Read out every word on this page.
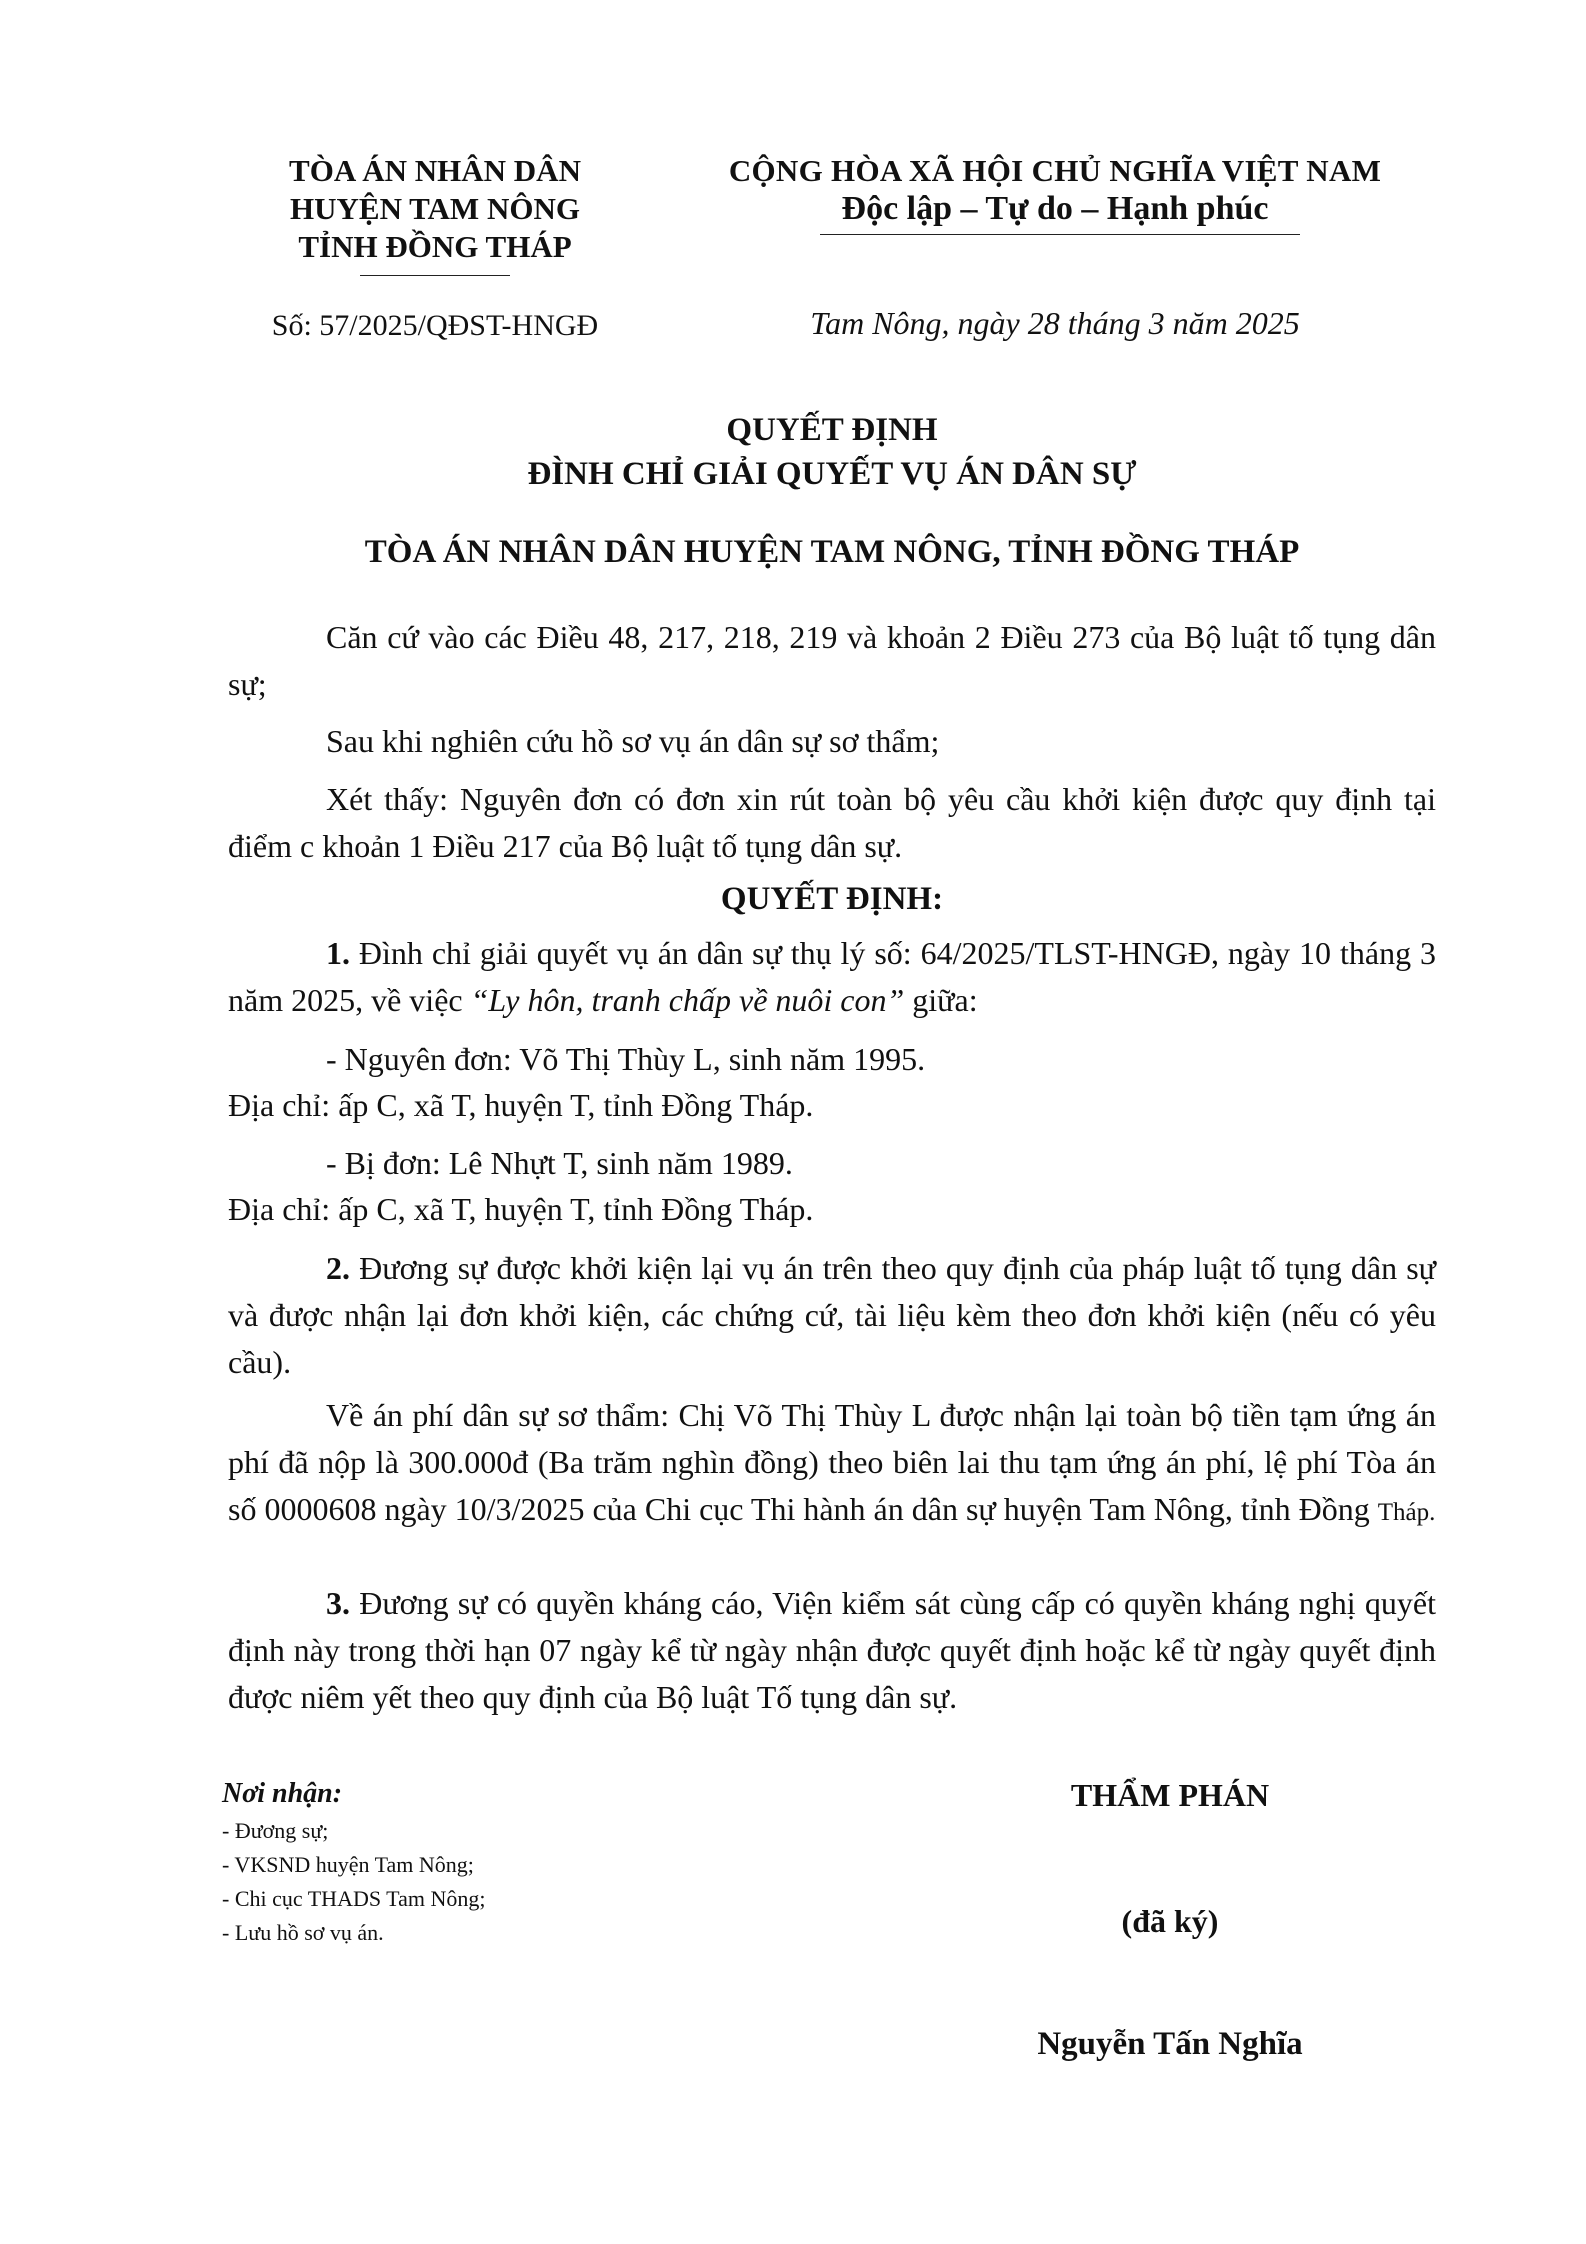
TÒA ÁN NHÂN DÂN
HUYỆN TAM NÔNG
TỈNH ĐỒNG THÁP
CỘNG HÒA XÃ HỘI CHỦ NGHĨA VIỆT NAM
Độc lập – Tự do – Hạnh phúc
Số: 57/2025/QĐST-HNGĐ	Tam Nông, ngày 28 tháng 3 năm 2025
QUYẾT ĐỊNH
ĐÌNH CHỈ GIẢI QUYẾT VỤ ÁN DÂN SỰ
TÒA ÁN NHÂN DÂN HUYỆN TAM NÔNG, TỈNH ĐỒNG THÁP

Căn cứ vào các Điều 48, 217, 218, 219 và khoản 2 Điều 273 của Bộ luật tố tụng dân sự;

Sau khi nghiên cứu hồ sơ vụ án dân sự sơ thẩm;

Xét thấy: Nguyên đơn có đơn xin rút toàn bộ yêu cầu khởi kiện được quy định tại điểm c khoản 1 Điều 217 của Bộ luật tố tụng dân sự.

QUYẾT ĐỊNH:

1. Đình chỉ giải quyết vụ án dân sự thụ lý số: 64/2025/TLST-HNGĐ, ngày 10 tháng 3 năm 2025, về việc “Ly hôn, tranh chấp về nuôi con” giữa:

- Nguyên đơn: Võ Thị Thùy L, sinh năm 1995.

Địa chỉ: ấp C, xã T, huyện T, tỉnh Đồng Tháp.

- Bị đơn: Lê Nhựt T, sinh năm 1989.

Địa chỉ: ấp C, xã T, huyện T, tỉnh Đồng Tháp.

2. Đương sự được khởi kiện lại vụ án trên theo quy định của pháp luật tố tụng dân sự và được nhận lại đơn khởi kiện, các chứng cứ, tài liệu kèm theo đơn khởi kiện (nếu có yêu cầu).

Về án phí dân sự sơ thẩm: Chị Võ Thị Thùy L được nhận lại toàn bộ tiền tạm ứng án phí đã nộp là 300.000đ (Ba trăm nghìn đồng) theo biên lai thu tạm ứng án phí, lệ phí Tòa án số 0000608 ngày 10/3/2025 của Chi cục Thi hành án dân sự huyện Tam Nông, tỉnh Đồng Tháp.

3. Đương sự có quyền kháng cáo, Viện kiểm sát cùng cấp có quyền kháng nghị quyết định này trong thời hạn 07 ngày kể từ ngày nhận được quyết định hoặc kể từ ngày quyết định được niêm yết theo quy định của Bộ luật Tố tụng dân sự.

Nơi nhận:
- Đương sự;
- VKSND huyện Tam Nông;
- Chi cục THADS Tam Nông;
- Lưu hồ sơ vụ án.
THẨM PHÁN
(đã ký)
Nguyễn Tấn Nghĩa
